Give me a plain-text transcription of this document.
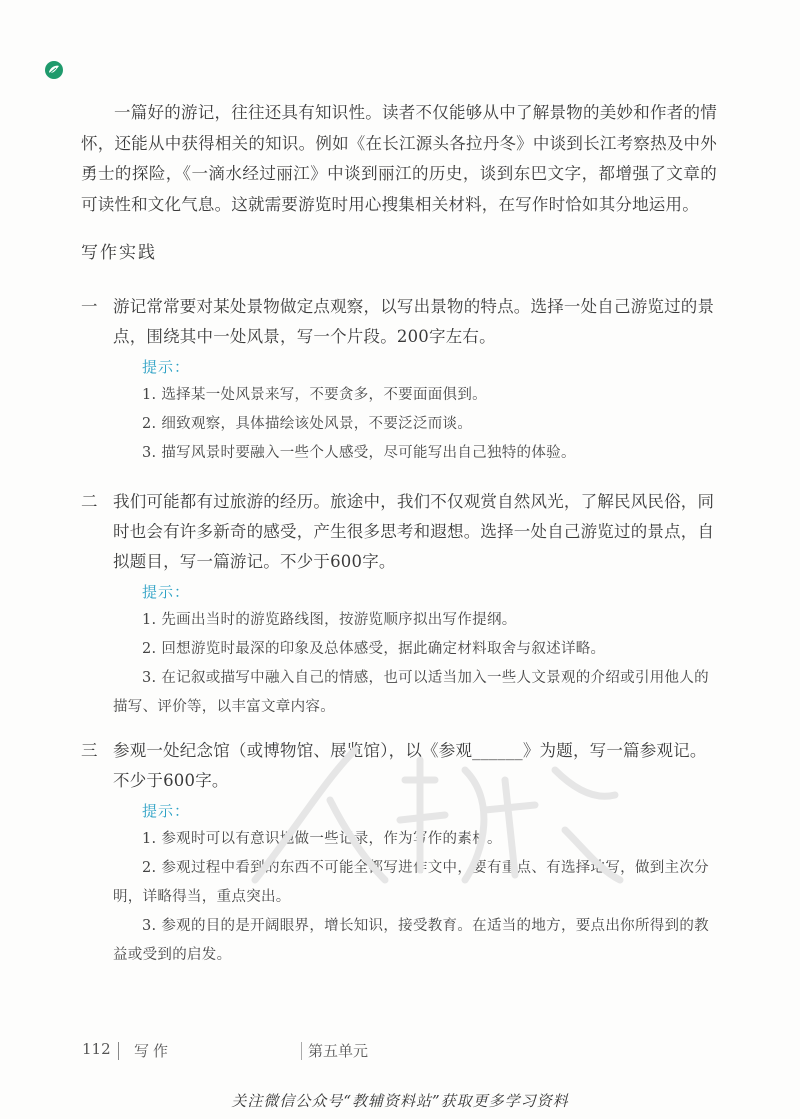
一篇好的游记，往往还具有知识性。读者不仅能够从中了解景物的美妙和作者的情怀，还能从中获得相关的知识。例如《在长江源头各拉丹冬》中谈到长江考察热及中外勇士的探险，《一滴水经过丽江》中谈到丽江的历史，谈到东巴文字，都增强了文章的可读性和文化气息。这就需要游览时用心搜集相关材料，在写作时恰如其分地运用。
写作实践
一 游记常常要对某处景物做定点观察，以写出景物的特点。选择一处自己游览过的景点，围绕其中一处风景，写一个片段。200字左右。
提示：
1. 选择某一处风景来写，不要贪多，不要面面俱到。
2. 细致观察，具体描绘该处风景，不要泛泛而谈。
3. 描写风景时要融入一些个人感受，尽可能写出自己独特的体验。
二 我们可能都有过旅游的经历。旅途中，我们不仅观赏自然风光，了解民风民俗，同时也会有许多新奇的感受，产生很多思考和遐想。选择一处自己游览过的景点，自拟题目，写一篇游记。不少于600字。
提示：
1. 先画出当时的游览路线图，按游览顺序拟出写作提纲。
2. 回想游览时最深的印象及总体感受，据此确定材料取舍与叙述详略。
3. 在记叙或描写中融入自己的情感，也可以适当加入一些人文景观的介绍或引用他人的描写、评价等，以丰富文章内容。
三 参观一处纪念馆（或博物馆、展览馆），以《参观______》为题，写一篇参观记。不少于600字。
提示：
1. 参观时可以有意识地做一些记录，作为写作的素材。
2. 参观过程中看到的东西不可能全都写进作文中，要有重点、有选择地写，做到主次分明，详略得当，重点突出。
3. 参观的目的是开阔眼界，增长知识，接受教育。在适当的地方，要点出你所得到的教益或受到的启发。
112 写作	第五单元
关注微信公众号“教辅资料站”获取更多学习资料
